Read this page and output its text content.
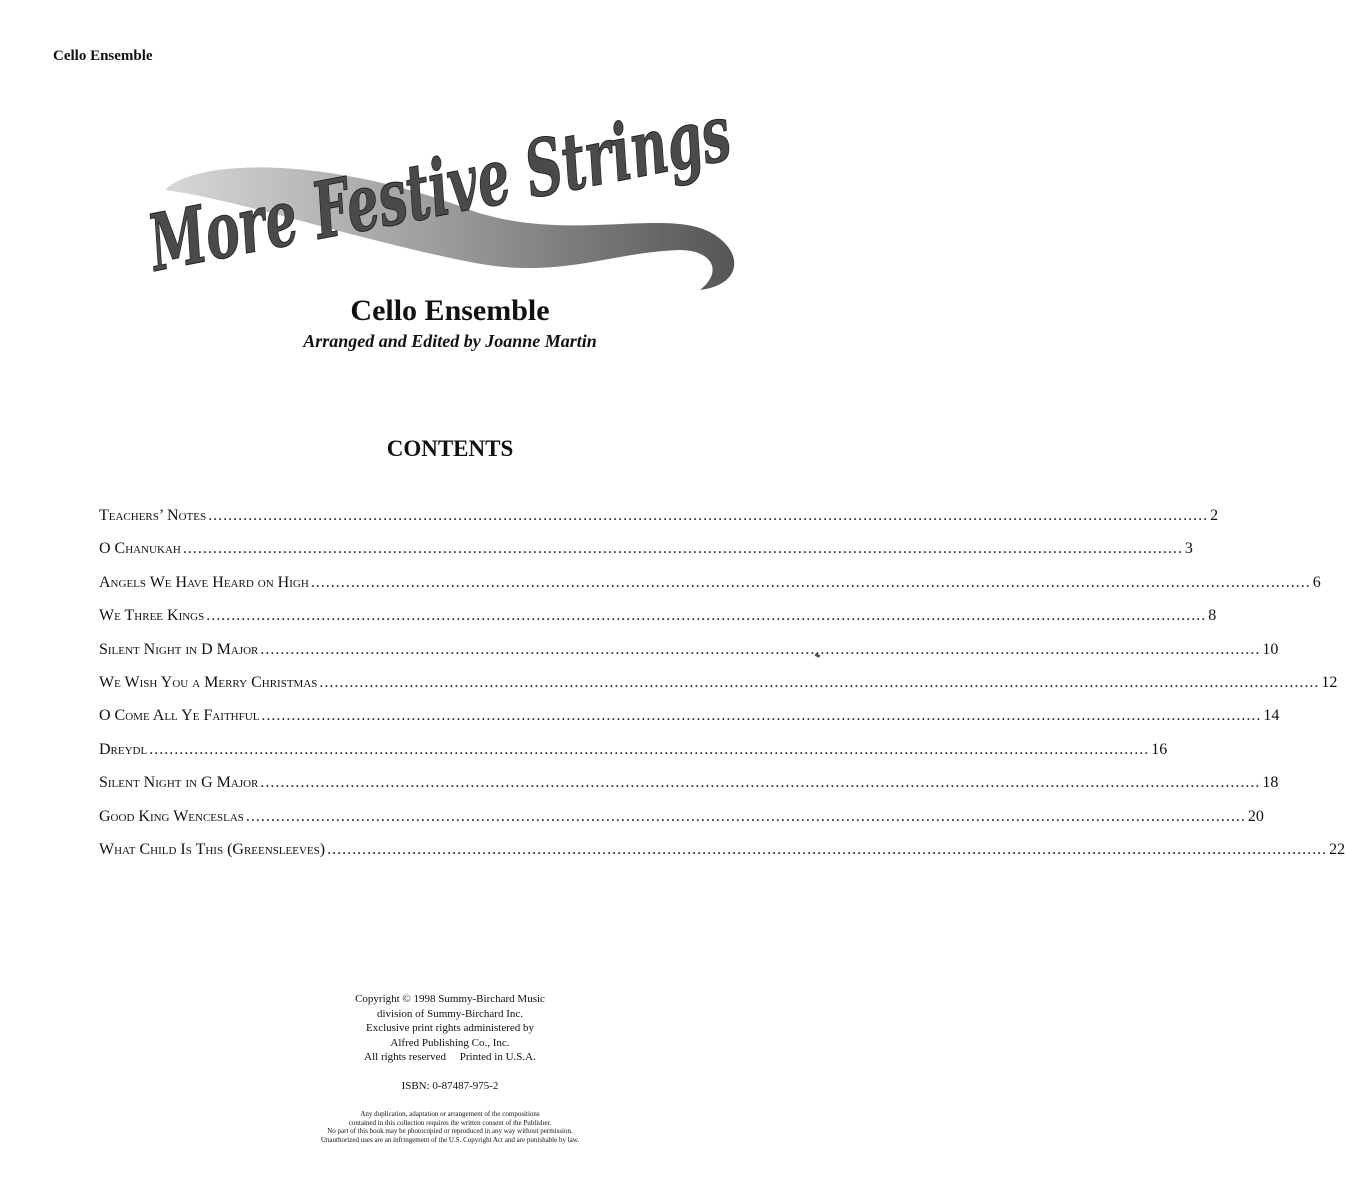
Cello Ensemble
More Festive Strings
Cello Ensemble
Arranged and Edited by Joanne Martin
CONTENTS
Teachers’ Notes .....	2
O Chanukah .....	3
Angels We Have Heard on High .....	6
We Three Kings .....	8
Silent Night in D Major .....	10
We Wish You a Merry Christmas .....	12
O Come All Ye Faithful .....	14
Dreydl .....	16
Silent Night in G Major .....	18
Good King Wenceslas .....	20
What Child Is This (Greensleeves) .....	22
Copyright © 1998 Summy-Birchard Music
division of Summy-Birchard Inc.
Exclusive print rights administered by
Alfred Publishing Co., Inc.
All rights reserved     Printed in U.S.A.
ISBN: 0-87487-975-2
Any duplication, adaptation or arrangement of the compositions
contained in this collection requires the written consent of the Publisher.
No part of this book may be photocopied or reproduced in any way without permission.
Unauthorized uses are an infringement of the U.S. Copyright Act and are punishable by law.
